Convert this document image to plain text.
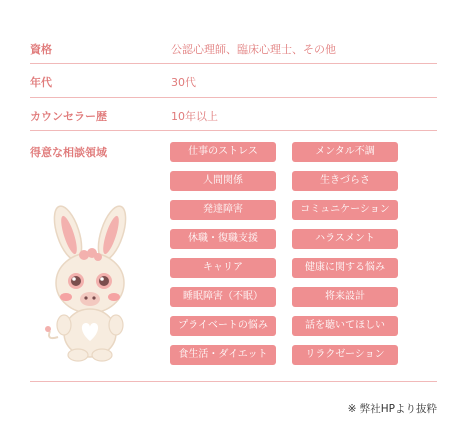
資格	公認心理師、臨床心理士、その他
年代	30代
カウンセラー歴	10年以上
得意な相談領域	仕事のストレス	メンタル不調
人間関係	生きづらさ
発達障害	コミュニケーション
休職・復職支援	ハラスメント
キャリア	健康に関する悩み
睡眠障害（不眠）	将来設計
プライベートの悩み	話を聴いてほしい
食生活・ダイエット	リラクゼーション
※ 弊社HPより抜粋
